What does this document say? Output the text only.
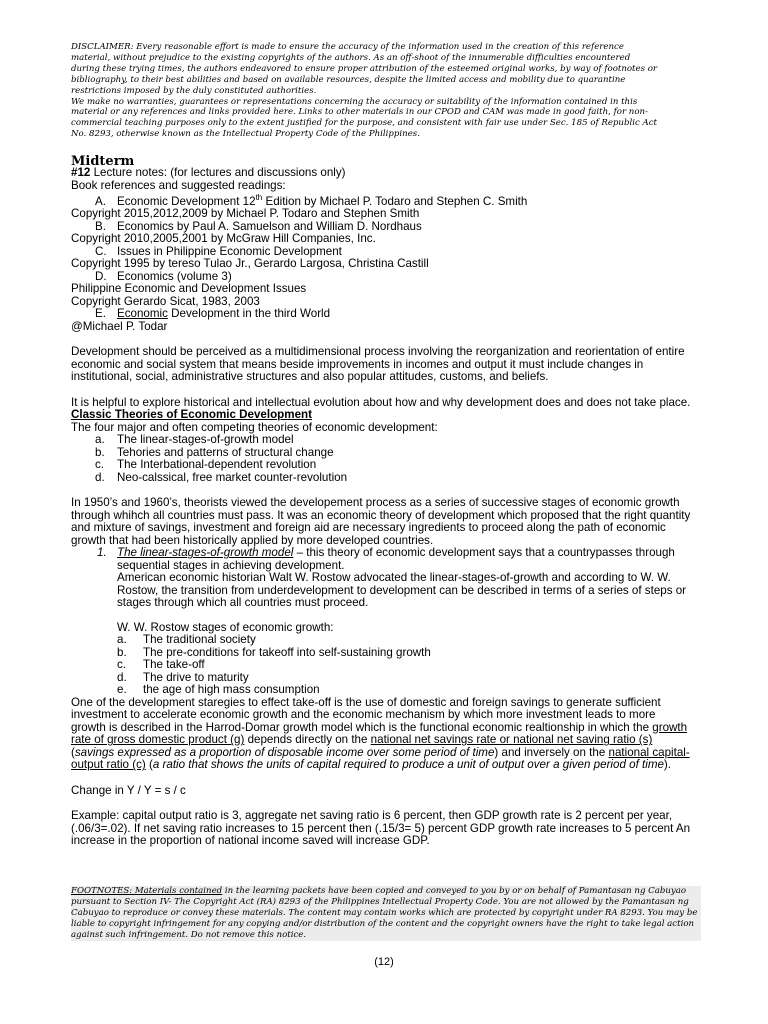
DISCLAIMER: Every reasonable effort is made to ensure the accuracy of the information used in the creation of this reference

material, without prejudice to the existing copyrights of the authors. As an off-shoot of the innumerable difficulties encountered

during these trying times, the authors endeavored to ensure proper attribution of the esteemed original works, by way of footnotes or

bibliography, to their best abilities and based on available resources, despite the limited access and mobility due to quarantine

restrictions imposed by the duly constituted authorities.

We make no warranties, guarantees or representations concerning the accuracy or suitability of the information contained in this

material or any references and links provided here. Links to other materials in our CPOD and CAM was made in good faith, for non-

commercial teaching purposes only to the extent justified for the purpose, and consistent with fair use under Sec. 185 of Republic Act

No. 8293, otherwise known as the Intellectual Property Code of the Philippines.

Midterm
#12 Lecture notes: (for lectures and discussions only)
Book references and suggested readings:
A. Economic Development 12th Edition by Michael P. Todaro and Stephen C. Smith
Copyright 2015,2012,2009 by Michael P. Todaro and Stephen Smith
B. Economics by Paul A. Samuelson and William D. Nordhaus
Copyright 2010,2005,2001 by McGraw Hill Companies, Inc.
C. Issues in Philippine Economic Development
Copyright 1995 by tereso Tulao Jr., Gerardo Largosa, Christina Castill
D. Economics (volume 3)
Philippine Economic and Development Issues
Copyright Gerardo Sicat, 1983, 2003
E. Economic Development in the third World
@Michael P. Todar

Development should be perceived as a multidimensional process involving the reorganization and reorientation of entire economic and social system that means beside improvements in incomes and output it must include changes in institutional, social, administrative structures and also popular attitudes, customs, and beliefs.

It is helpful to explore historical and intellectual evolution about how and why development does and does not take place.

Classic Theories of Economic Development
The four major and often competing theories of economic development:
a. The linear-stages-of-growth model
b. Tehories and patterns of structural change
c. The Interbational-dependent revolution
d. Neo-calssical, free market counter-revolution

In 1950’s and 1960’s, theorists viewed the developement process as a series of successive stages of economic growth through whihch all countries must pass. It was an economic theory of development which proposed that the right quantity and mixture of savings, investment and foreign aid are necessary ingredients to proceed along the path of economic growth that had been historically applied by more developed countries.

1. The linear-stages-of-growth model – this theory of economic development says that a countrypasses through sequential stages in achieving development.

American economic historian Walt W. Rostow advocated the linear-stages-of-growth and according to W. W. Rostow, the transition from underdevelopment to development can be described in terms of a series of steps or stages through which all countries must proceed.

W. W. Rostow stages of economic growth:
a. The traditional society
b. The pre-conditions for takeoff into self-sustaining growth
c. The take-off
d. The drive to maturity
e. the age of high mass consumption

One of the development staregies to effect take-off is the use of domestic and foreign savings to generate sufficient investment to accelerate economic growth and the economic mechanism by which more investment leads to more growth is described in the Harrod-Domar growth model which is the functional economic realtionship in which the growth rate of gross domestic product (g) depends directly on the national net savings rate or national net saving ratio (s) (savings expressed as a proportion of disposable income over some period of time) and inversely on the national capital-output ratio (c) (a ratio that shows the units of capital required to produce a unit of output over a given period of time).

Change in Y / Y = s / c

Example: capital output ratio is 3, aggregate net saving ratio is 6 percent, then GDP growth rate is 2 percent per year, (.06/3=.02). If net saving ratio increases to 15 percent then (.15/3= 5) percent GDP growth rate increases to 5 percent An increase in the proportion of national income saved will increase GDP.

FOOTNOTES: Materials contained in the learning packets have been copied and conveyed to you by or on behalf of Pamantasan ng Cabuyao pursuant to Section IV- The Copyright Act (RA) 8293 of the Philippines Intellectual Property Code. You are not allowed by the Pamantasan ng Cabuyao to reproduce or convey these materials. The content may contain works which are protected by copyright under RA 8293. You may be liable to copyright infringement for any copying and/or distribution of the content and the copyright owners have the right to take legal action against such infringement. Do not remove this notice.

(12)
